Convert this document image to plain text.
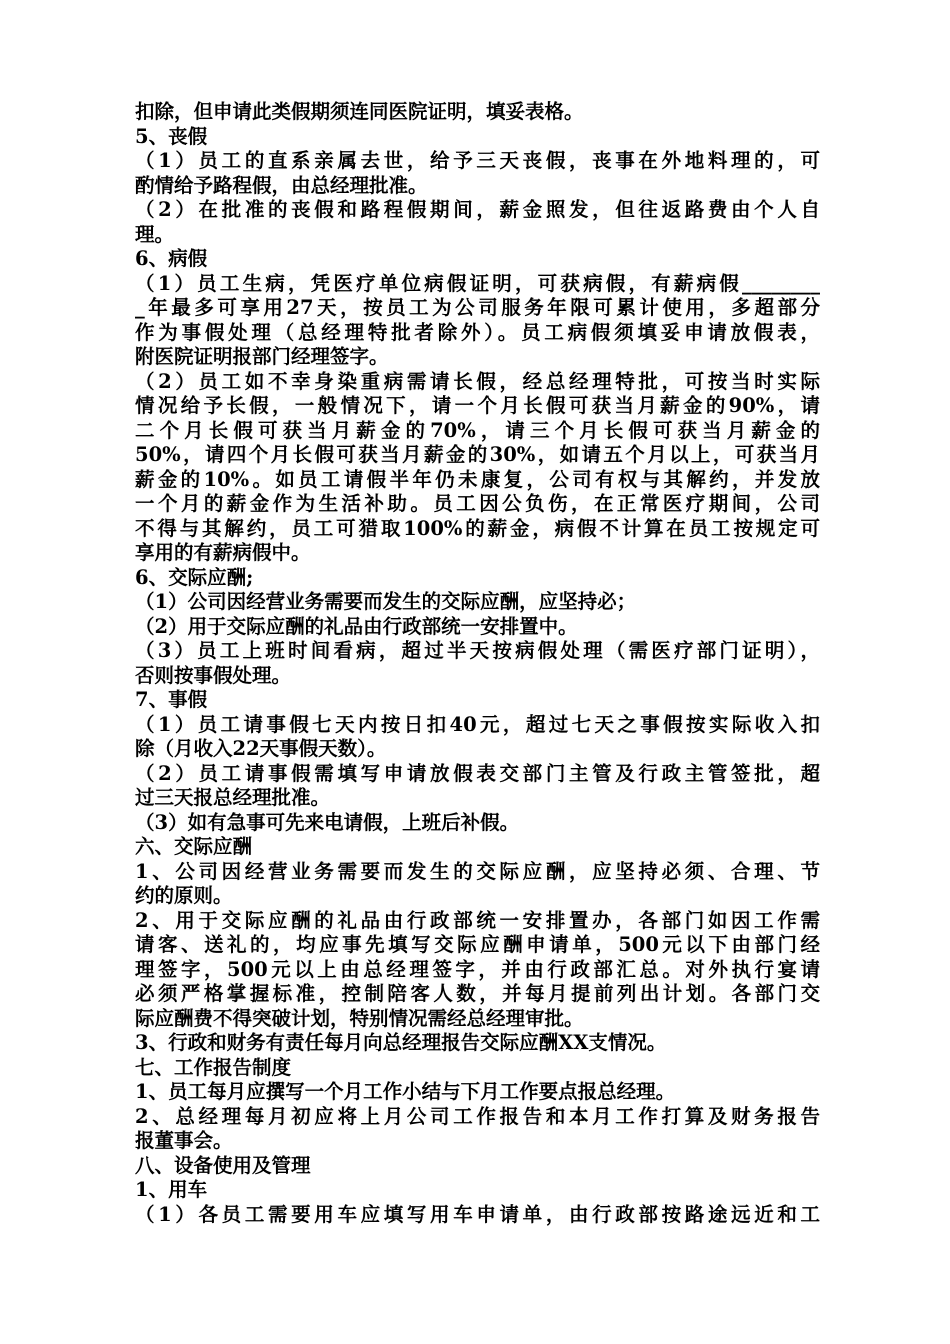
扣除，但申请此类假期须连同医院证明，填妥表格。
5、丧假
（1）员工的直系亲属去世，给予三天丧假，丧事在外地料理的，可
酌情给予路程假，由总经理批准。
（2）在批准的丧假和路程假期间，薪金照发，但往返路费由个人自
理。
6、病假
（1）员工生病，凭医疗单位病假证明，可获病假，有薪病假________
_年最多可享用27天，按员工为公司服务年限可累计使用，多超部分
作为事假处理（总经理特批者除外）。员工病假须填妥申请放假表，
附医院证明报部门经理签字。
（2）员工如不幸身染重病需请长假，经总经理特批，可按当时实际
情况给予长假，一般情况下，请一个月长假可获当月薪金的90%，请
二个月长假可获当月薪金的70%，请三个月长假可获当月薪金的
50%，请四个月长假可获当月薪金的30%，如请五个月以上，可获当月
薪金的10%。如员工请假半年仍未康复，公司有权与其解约，并发放
一个月的薪金作为生活补助。员工因公负伤，在正常医疗期间，公司
不得与其解约，员工可猎取100%的薪金，病假不计算在员工按规定可
享用的有薪病假中。
6、交际应酬;
（1）公司因经营业务需要而发生的交际应酬，应坚持必；
（2）用于交际应酬的礼品由行政部统一安排置中。
（3）员工上班时间看病，超过半天按病假处理（需医疗部门证明），
否则按事假处理。
7、事假
（1）员工请事假七天内按日扣40元，超过七天之事假按实际收入扣
除（月收入22天事假天数）。
（2）员工请事假需填写申请放假表交部门主管及行政主管签批，超
过三天报总经理批准。
（3）如有急事可先来电请假，上班后补假。
六、交际应酬
1、公司因经营业务需要而发生的交际应酬，应坚持必须、合理、节
约的原则。
2、用于交际应酬的礼品由行政部统一安排置办，各部门如因工作需
请客、送礼的，均应事先填写交际应酬申请单，500元以下由部门经
理签字，500元以上由总经理签字，并由行政部汇总。对外执行宴请
必须严格掌握标准，控制陪客人数，并每月提前列出计划。各部门交
际应酬费不得突破计划，特别情况需经总经理审批。
3、行政和财务有责任每月向总经理报告交际应酬XX支情况。
七、工作报告制度
1、员工每月应撰写一个月工作小结与下月工作要点报总经理。
2、总经理每月初应将上月公司工作报告和本月工作打算及财务报告
报董事会。
八、设备使用及管理
1、用车
（1）各员工需要用车应填写用车申请单，由行政部按路途远近和工
